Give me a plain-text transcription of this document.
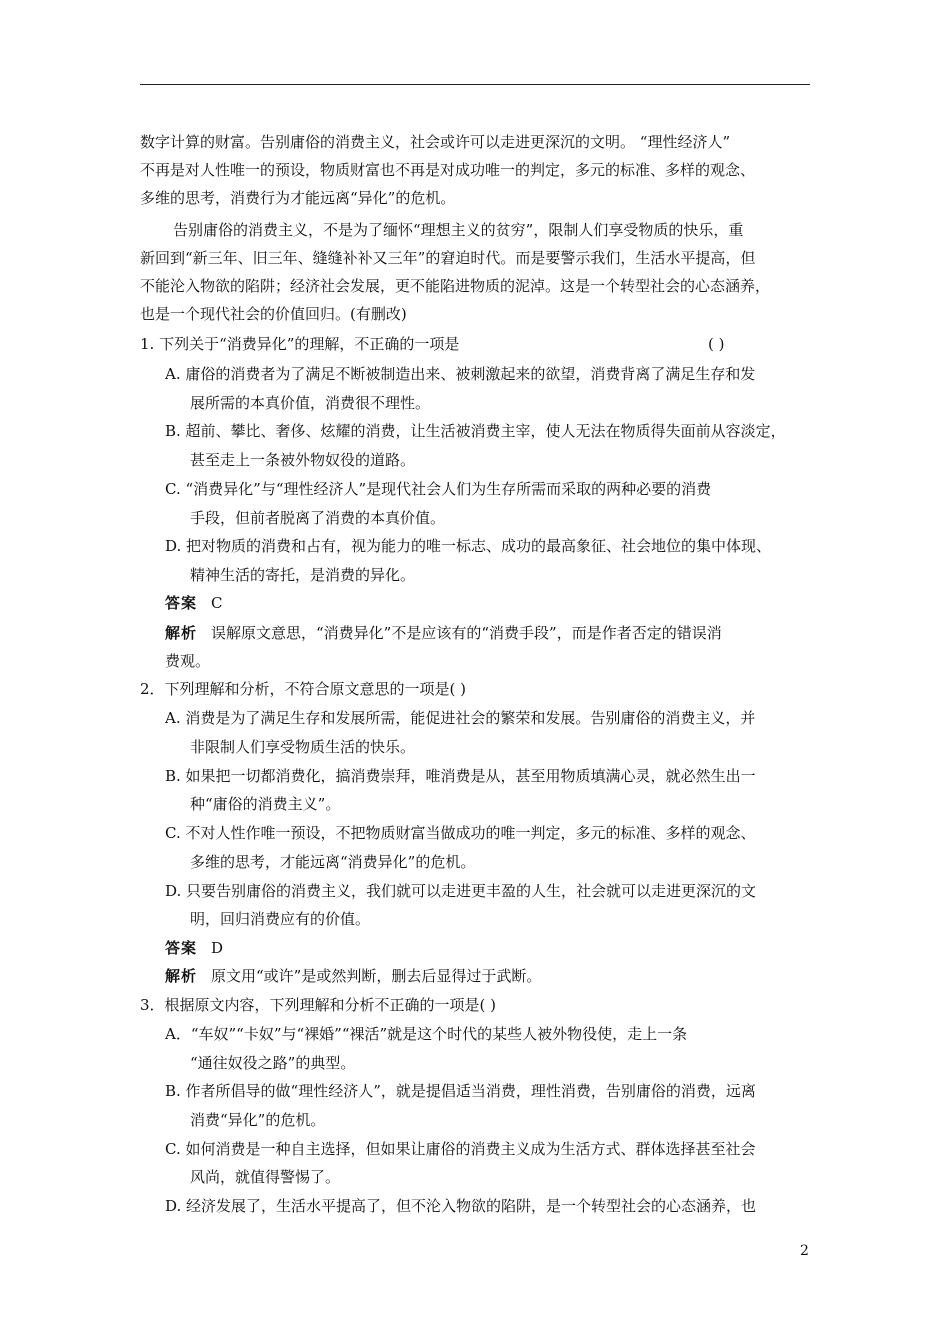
数字计算的财富。告别庸俗的消费主义，社会或许可以走进更深沉的文明。 “理性经济人”
不再是对人性唯一的预设，物质财富也不再是对成功唯一的判定，多元的标准、多样的观念、
多维的思考，消费行为才能远离“异化”的危机。
告别庸俗的消费主义，不是为了缅怀“理想主义的贫穷”，限制人们享受物质的快乐，重
新回到“新三年、旧三年、缝缝补补又三年”的窘迫时代。而是要警示我们，生活水平提高，但
不能沦入物欲的陷阱；经济社会发展，更不能陷进物质的泥淖。这是一个转型社会的心态涵养，
也是一个现代社会的价值回归。(有删改)
1. 下列关于“消费异化”的理解，不正确的一项是	( )
A. 庸俗的消费者为了满足不断被制造出来、被刺激起来的欲望，消费背离了满足生存和发
展所需的本真价值，消费很不理性。
B. 超前、攀比、奢侈、炫耀的消费，让生活被消费主宰，使人无法在物质得失面前从容淡定，
甚至走上一条被外物奴役的道路。
C. “消费异化”与“理性经济人”是现代社会人们为生存所需而采取的两种必要的消费
手段，但前者脱离了消费的本真价值。
D. 把对物质的消费和占有，视为能力的唯一标志、成功的最高象征、社会地位的集中体现、
精神生活的寄托，是消费的异化。
答案 C
解析 误解原文意思，“消费异化”不是应该有的“消费手段”，而是作者否定的错误消
费观。
2．下列理解和分析，不符合原文意思的一项是( )
A. 消费是为了满足生存和发展所需，能促进社会的繁荣和发展。告别庸俗的消费主义，并
非限制人们享受物质生活的快乐。
B. 如果把一切都消费化，搞消费崇拜，唯消费是从，甚至用物质填满心灵，就必然生出一
种“庸俗的消费主义”。
C. 不对人性作唯一预设，不把物质财富当做成功的唯一判定，多元的标准、多样的观念、
多维的思考，才能远离“消费异化”的危机。
D. 只要告别庸俗的消费主义，我们就可以走进更丰盈的人生，社会就可以走进更深沉的文
明，回归消费应有的价值。
答案 D
解析 原文用“或许”是或然判断，删去后显得过于武断。
3．根据原文内容，下列理解和分析不正确的一项是( )
A．“车奴”“卡奴”与“裸婚”“裸活”就是这个时代的某些人被外物役使，走上一条
“通往奴役之路”的典型。
B. 作者所倡导的做“理性经济人”，就是提倡适当消费，理性消费，告别庸俗的消费，远离
消费“异化”的危机。
C. 如何消费是一种自主选择，但如果让庸俗的消费主义成为生活方式、群体选择甚至社会
风尚，就值得警惕了。
D. 经济发展了，生活水平提高了，但不沦入物欲的陷阱，是一个转型社会的心态涵养，也
2
